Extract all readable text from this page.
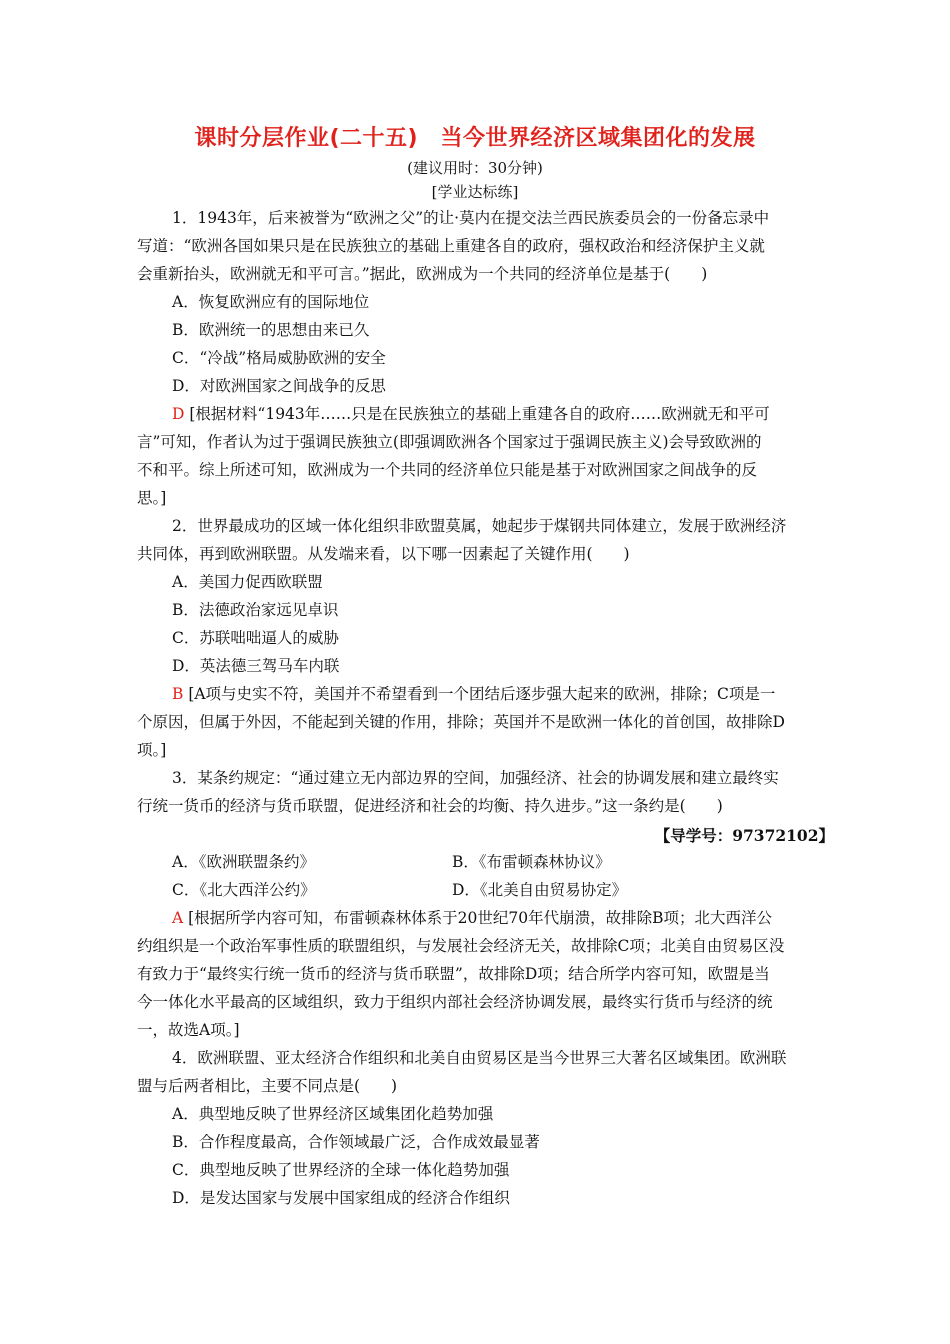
课时分层作业(二十五)　当今世界经济区域集团化的发展
(建议用时：30分钟)
[学业达标练]
1．1943年，后来被誉为“欧洲之父”的让·莫内在提交法兰西民族委员会的一份备忘录中
写道：“欧洲各国如果只是在民族独立的基础上重建各自的政府，强权政治和经济保护主义就
会重新抬头，欧洲就无和平可言。”据此，欧洲成为一个共同的经济单位是基于(　　)
A．恢复欧洲应有的国际地位
B．欧洲统一的思想由来已久
C．“冷战”格局威胁欧洲的安全
D．对欧洲国家之间战争的反思
D [根据材料“1943年……只是在民族独立的基础上重建各自的政府……欧洲就无和平可
言”可知，作者认为过于强调民族独立(即强调欧洲各个国家过于强调民族主义)会导致欧洲的
不和平。综上所述可知，欧洲成为一个共同的经济单位只能是基于对欧洲国家之间战争的反
思。]
2．世界最成功的区域一体化组织非欧盟莫属，她起步于煤钢共同体建立，发展于欧洲经济
共同体，再到欧洲联盟。从发端来看，以下哪一因素起了关键作用(　　)
A．美国力促西欧联盟
B．法德政治家远见卓识
C．苏联咄咄逼人的威胁
D．英法德三驾马车内联
B [A项与史实不符，美国并不希望看到一个团结后逐步强大起来的欧洲，排除；C项是一
个原因，但属于外因，不能起到关键的作用，排除；英国并不是欧洲一体化的首创国，故排除D
项。]
3．某条约规定：“通过建立无内部边界的空间，加强经济、社会的协调发展和建立最终实
行统一货币的经济与货币联盟，促进经济和社会的均衡、持久进步。”这一条约是(　　)
【导学号：97372102】
A．《欧洲联盟条约》	B．《布雷顿森林协议》
C．《北大西洋公约》	D．《北美自由贸易协定》
A [根据所学内容可知，布雷顿森林体系于20世纪70年代崩溃，故排除B项；北大西洋公
约组织是一个政治军事性质的联盟组织，与发展社会经济无关，故排除C项；北美自由贸易区没
有致力于“最终实行统一货币的经济与货币联盟”，故排除D项；结合所学内容可知，欧盟是当
今一体化水平最高的区域组织，致力于组织内部社会经济协调发展，最终实行货币与经济的统
一，故选A项。]
4．欧洲联盟、亚太经济合作组织和北美自由贸易区是当今世界三大著名区域集团。欧洲联
盟与后两者相比，主要不同点是(　　)
A．典型地反映了世界经济区域集团化趋势加强
B．合作程度最高，合作领域最广泛，合作成效最显著
C．典型地反映了世界经济的全球一体化趋势加强
D．是发达国家与发展中国家组成的经济合作组织
